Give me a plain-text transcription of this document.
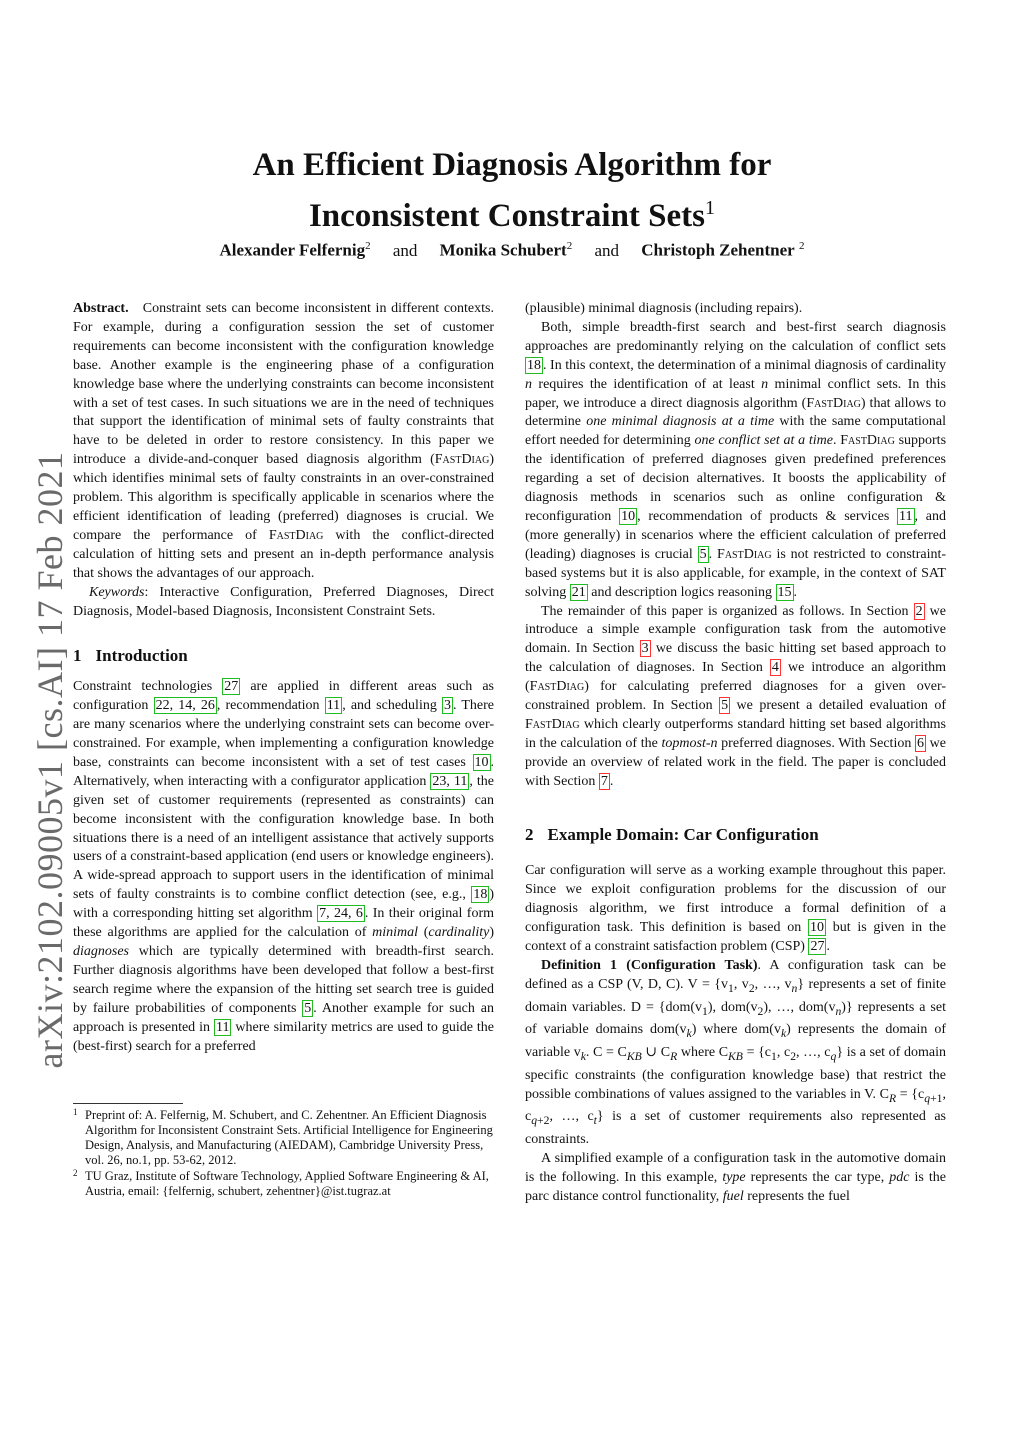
arXiv:2102.09005v1 [cs.AI] 17 Feb 2021
An Efficient Diagnosis Algorithm for
Inconsistent Constraint Sets$^1$

Alexander Felfernig$^2$ and Monika Schubert$^2$ and Christoph Zehentner $^2$

Abstract.   Constraint sets can become inconsistent in different contexts. For example, during a configuration session the set of customer requirements can become inconsistent with the configuration knowledge base. Another example is the engineering phase of a configuration knowledge base where the underlying constraints can become inconsistent with a set of test cases. In such situations we are in the need of techniques that support the identification of minimal sets of faulty constraints that have to be deleted in order to restore consistency. In this paper we introduce a divide-and-conquer based diagnosis algorithm (FastDiag) which identifies minimal sets of faulty constraints in an over-constrained problem. This algorithm is specifically applicable in scenarios where the efficient identification of leading (preferred) diagnoses is crucial. We compare the performance of FastDiag with the conflict-directed calculation of hitting sets and present an in-depth performance analysis that shows the advantages of our approach.

Keywords: Interactive Configuration, Preferred Diagnoses, Direct Diagnosis, Model-based Diagnosis, Inconsistent Constraint Sets.

1 Introduction

Constraint technologies 27 are applied in different areas such as configuration 22, 14, 26 , recommendation 11 , and scheduling 3 . There are many scenarios where the underlying constraint sets can become over-constrained. For example, when implementing a configuration knowledge base, constraints can become inconsistent with a set of test cases 10 . Alternatively, when interacting with a configurator application 23, 11 , the given set of customer requirements (represented as constraints) can become inconsistent with the configuration knowledge base. In both situations there is a need of an intelligent assistance that actively supports users of a constraint-based application (end users or knowledge engineers). A wide-spread approach to support users in the identification of minimal sets of faulty constraints is to combine conflict detection (see, e.g., 18 ) with a corresponding hitting set algorithm 7, 24, 6 . In their original form these algorithms are applied for the calculation of minimal (cardinality) diagnoses which are typically determined with breadth-first search. Further diagnosis algorithms have been developed that follow a best-first search regime where the expansion of the hitting set search tree is guided by failure probabilities of components 5 . Another example for such an approach is presented in 11 where similarity metrics are used to guide the (best-first) search for a preferred

1 Preprint of: A. Felfernig, M. Schubert, and C. Zehentner. An Efficient Diagnosis Algorithm for Inconsistent Constraint Sets. Artificial Intelligence for Engineering Design, Analysis, and Manufacturing (AIEDAM), Cambridge University Press, vol. 26, no.1, pp. 53-62, 2012.
2 TU Graz, Institute of Software Technology, Applied Software Engineering & AI, Austria, email: {felfernig, schubert, zehentner}@ist.tugraz.at

(plausible) minimal diagnosis (including repairs).

Both, simple breadth-first search and best-first search diagnosis approaches are predominantly relying on the calculation of conflict sets 18 . In this context, the determination of a minimal diagnosis of cardinality n requires the identification of at least n minimal conflict sets. In this paper, we introduce a direct diagnosis algorithm (FastDiag) that allows to determine one minimal diagnosis at a time with the same computational effort needed for determining one conflict set at a time. FastDiag supports the identification of preferred diagnoses given predefined preferences regarding a set of decision alternatives. It boosts the applicability of diagnosis methods in scenarios such as online configuration & reconfiguration 10 , recommendation of products & services 11 , and (more generally) in scenarios where the efficient calculation of preferred (leading) diagnoses is crucial 5 . FastDiag is not restricted to constraint-based systems but it is also applicable, for example, in the context of SAT solving 21 and description logics reasoning 15 .

The remainder of this paper is organized as follows. In Section 2 we introduce a simple example configuration task from the automotive domain. In Section 3 we discuss the basic hitting set based approach to the calculation of diagnoses. In Section 4 we introduce an algorithm (FastDiag) for calculating preferred diagnoses for a given over-constrained problem. In Section 5 we present a detailed evaluation of FastDiag which clearly outperforms standard hitting set based algorithms in the calculation of the topmost-n preferred diagnoses. With Section 6 we provide an overview of related work in the field. The paper is concluded with Section 7 .

2 Example Domain: Car Configuration

Car configuration will serve as a working example throughout this paper. Since we exploit configuration problems for the discussion of our diagnosis algorithm, we first introduce a formal definition of a configuration task. This definition is based on 10 but is given in the context of a constraint satisfaction problem (CSP) 27 .

Definition 1 (Configuration Task). A configuration task can be defined as a CSP (V, D, C). $V = \{v_1$, $v_2$, …, $v_n$} represents a set of finite domain variables. $D = \{dom(v_1)$, $dom(v_2)$, …, $dom(v_n)$} represents a set of variable domains $dom(v_k)$ where $dom(v_k)$ represents the domain of variable $v_k$. $C = C_{KB}$ ∪ $C_R$ where $C_{KB} = \{c_1$, $c_2$, …, $c_q$} is a set of domain specific constraints (the configuration knowledge base) that restrict the possible combinations of values assigned to the variables in V. $C_R = \{c_{q+1}$, $c_{q+2}$, …, $c_t$} is a set of customer requirements also represented as constraints.

A simplified example of a configuration task in the automotive domain is the following. In this example, type represents the car type, pdc is the parc distance control functionality, fuel represents the fuel
